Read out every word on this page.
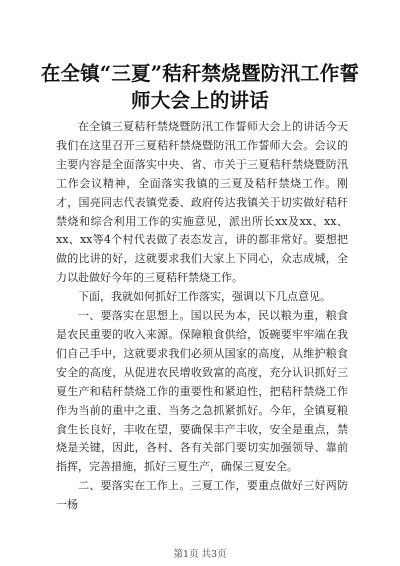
在全镇“三夏”秸秆禁烧暨防汛工作誓师大会上的讲话

在全镇三夏秸秆禁烧暨防汛工作誓师大会上的讲话今天我们在这里召开三夏秸秆禁烧暨防汛工作誓师大会。会议的主要内容是全面落实中央、省、市关于三夏秸秆禁烧暨防汛工作会议精神，全面落实我镇的三夏及秸秆禁烧工作。刚才，国亮同志代表镇党委、政府传达我镇关于切实做好秸秆禁烧和综合利用工作的实施意见，派出所长xx及xx、xx、xx、xx等4个村代表做了表态发言，讲的都非常好。要想把做的比讲的好，这就要求我们大家上下同心，众志成城，全力以赴做好今年的三夏秸秆禁烧工作。

下面，我就如何抓好工作落实，强调以下几点意见。

一、要落实在思想上。国以民为本，民以粮为重，粮食是农民重要的收入来源。保障粮食供给，饭碗要牢牢端在我们自己手中，这就要求我们必须从国家的高度，从维护粮食安全的高度，从促进农民增收致富的高度，充分认识抓好三夏生产和秸秆禁烧工作的重要性和紧迫性，把秸秆禁烧工作作为当前的重中之重、当务之急抓紧抓好。今年，全镇夏粮食生长良好，丰收在望，要确保丰产丰收，安全是重点，禁烧是关键，因此，各村、各有关部门要切实加强领导、靠前指挥，完善措施，抓好三夏生产，确保三夏安全。

二、要落实在工作上。三夏工作，要重点做好三好两防一杨

第1页 共3页
